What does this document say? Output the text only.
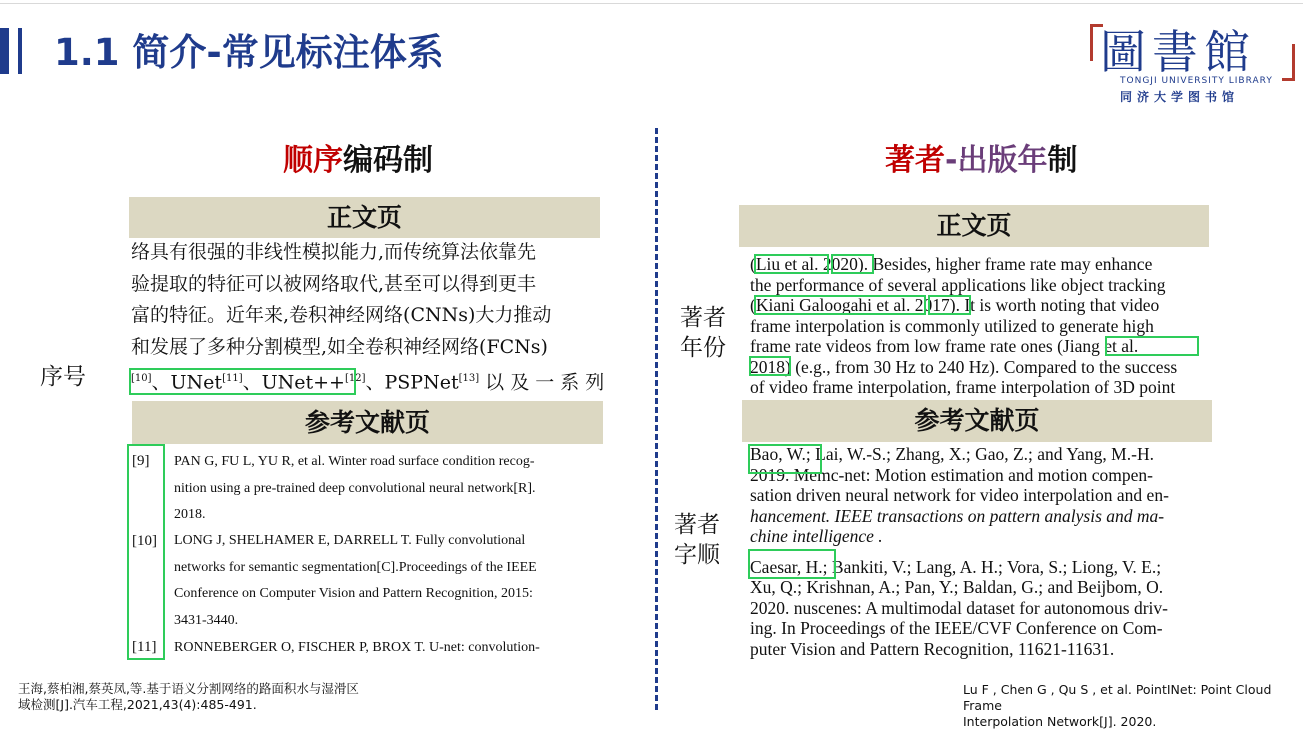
1.1 简介-常见标注体系	圖書館
TONGJI UNIVERSITY LIBRARY
同济大学图书馆
顺序编码制
正文页
络具有很强的非线性模拟能力,而传统算法依靠先
验提取的特征可以被网络取代,甚至可以得到更丰
富的特征。近年来,卷积神经网络(CNNs)大力推动
和发展了多种分割模型,如全卷积神经网络(FCNs)
[10]、UNet[11]、UNet++[12]、PSPNet[13] 以 及 一 系 列
参考文献页
[9] PAN G, FU L, YU R, et al. Winter road surface condition recog-
nition using a pre-trained deep convolutional neural network[R].
2018.
[10] LONG J, SHELHAMER E, DARRELL T. Fully convolutional
networks for semantic segmentation[C].Proceedings of the IEEE
Conference on Computer Vision and Pattern Recognition, 2015:
3431-3440.
[11] RONNEBERGER O, FISCHER P, BROX T. U-net: convolution-
序号
王海,蔡柏湘,蔡英凤,等.基于语义分割网络的路面积水与湿滑区
域检测[J].汽车工程,2021,43(4):485-491.
著者-出版年制
正文页
(Liu et al. 2020). Besides, higher frame rate may enhance
the performance of several applications like object tracking
(Kiani Galoogahi et al. 2017). It is worth noting that video
frame interpolation is commonly utilized to generate high
frame rate videos from low frame rate ones (Jiang et al.
2018) (e.g., from 30 Hz to 240 Hz). Compared to the success
of video frame interpolation, frame interpolation of 3D point
参考文献页
Bao, W.; Lai, W.-S.; Zhang, X.; Gao, Z.; and Yang, M.-H.
2019. Memc-net: Motion estimation and motion compen-
sation driven neural network for video interpolation and en-
hancement. IEEE transactions on pattern analysis and ma-
chine intelligence .
Caesar, H.; Bankiti, V.; Lang, A. H.; Vora, S.; Liong, V. E.;
Xu, Q.; Krishnan, A.; Pan, Y.; Baldan, G.; and Beijbom, O.
2020. nuscenes: A multimodal dataset for autonomous driv-
ing. In Proceedings of the IEEE/CVF Conference on Com-
puter Vision and Pattern Recognition, 11621-11631.
著者
年份
著者
字顺
Lu F , Chen G , Qu S , et al. PointINet: Point Cloud Frame
Interpolation Network[J]. 2020.
